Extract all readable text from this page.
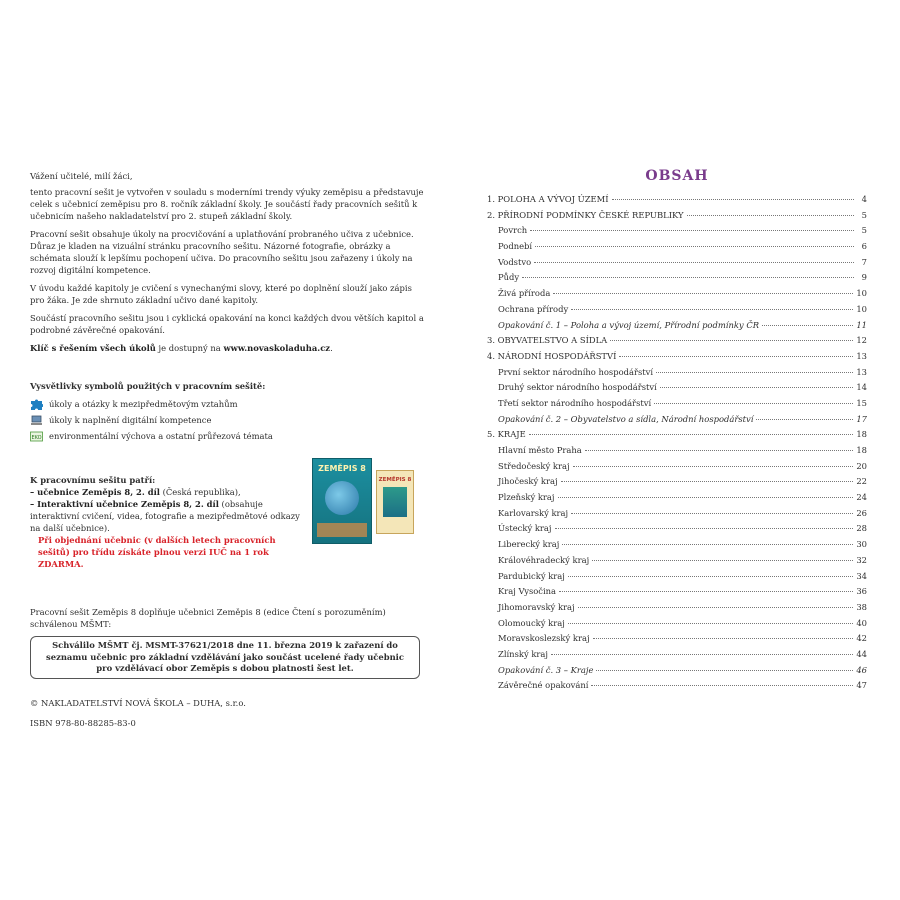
Vážení učitelé, milí žáci,

tento pracovní sešit je vytvořen v souladu s moderními trendy výuky zeměpisu a představuje celek s učebnicí zeměpisu pro 8. ročník základní školy. Je součástí řady pracovních sešitů k učebnicím našeho nakladatelství pro 2. stupeň základní školy.

Pracovní sešit obsahuje úkoly na procvičování a uplatňování probraného učiva z učebnice. Důraz je kladen na vizuální stránku pracovního sešitu. Názorné fotografie, obrázky a schémata slouží k lepšímu pochopení učiva. Do pracovního sešitu jsou zařazeny i úkoly na rozvoj digitální kompetence.

V úvodu každé kapitoly je cvičení s vynechanými slovy, které po doplnění slouží jako zápis pro žáka. Je zde shrnuto základní učivo dané kapitoly.

Součástí pracovního sešitu jsou i cyklická opakování na konci každých dvou větších kapitol a podrobné závěrečné opakování.

Klíč s řešením všech úkolů je dostupný na www.novaskoladuha.cz.

Vysvětlivky symbolů použitých v pracovním sešitě:
úkoly a otázky k mezipředmětovým vztahům
úkoly k naplnění digitální kompetence
EKO environmentální výchova a ostatní průřezová témata
K pracovnímu sešitu patří:
– učebnice Zeměpis 8, 2. díl (Česká republika),
– Interaktivní učebnice Zeměpis 8, 2. díl (obsahuje interaktivní cvičení, videa, fotografie a mezipředmětové odkazy na další učebnice).
Při objednání učebnic (v dalších letech pracovních sešitů) pro třídu získáte plnou verzi IUČ na 1 rok ZDARMA.
ZEMĚPIS 8
ZEMĚPIS 8
Pracovní sešit Zeměpis 8 doplňuje učebnici Zeměpis 8 (edice Čtení s porozuměním) schválenou MŠMT:
Schválilo MŠMT čj. MSMT-37621/2018 dne 11. března 2019 k zařazení do seznamu učebnic pro základní vzdělávání jako součást ucelené řady učebnic pro vzdělávací obor Zeměpis s dobou platnosti šest let.
© NAKLADATELSTVÍ NOVÁ ŠKOLA – DUHA, s.r.o.
ISBN 978-80-88285-83-0
OBSAH
1. POLOHA A VÝVOJ ÚZEMÍ	4
2. PŘÍRODNÍ PODMÍNKY ČESKÉ REPUBLIKY	5
Povrch	5
Podnebí	6
Vodstvo	7
Půdy	9
Živá příroda	10
Ochrana přírody	10
Opakování č. 1 – Poloha a vývoj území, Přírodní podmínky ČR	11
3. OBYVATELSTVO A SÍDLA	12
4. NÁRODNÍ HOSPODÁŘSTVÍ	13
První sektor národního hospodářství	13
Druhý sektor národního hospodářství	14
Třetí sektor národního hospodářství	15
Opakování č. 2 – Obyvatelstvo a sídla, Národní hospodářství	17
5. KRAJE	18
Hlavní město Praha	18
Středočeský kraj	20
Jihočeský kraj	22
Plzeňský kraj	24
Karlovarský kraj	26
Ústecký kraj	28
Liberecký kraj	30
Královéhradecký kraj	32
Pardubický kraj	34
Kraj Vysočina	36
Jihomoravský kraj	38
Olomoucký kraj	40
Moravskoslezský kraj	42
Zlínský kraj	44
Opakování č. 3 – Kraje	46
Závěrečné opakování	47
